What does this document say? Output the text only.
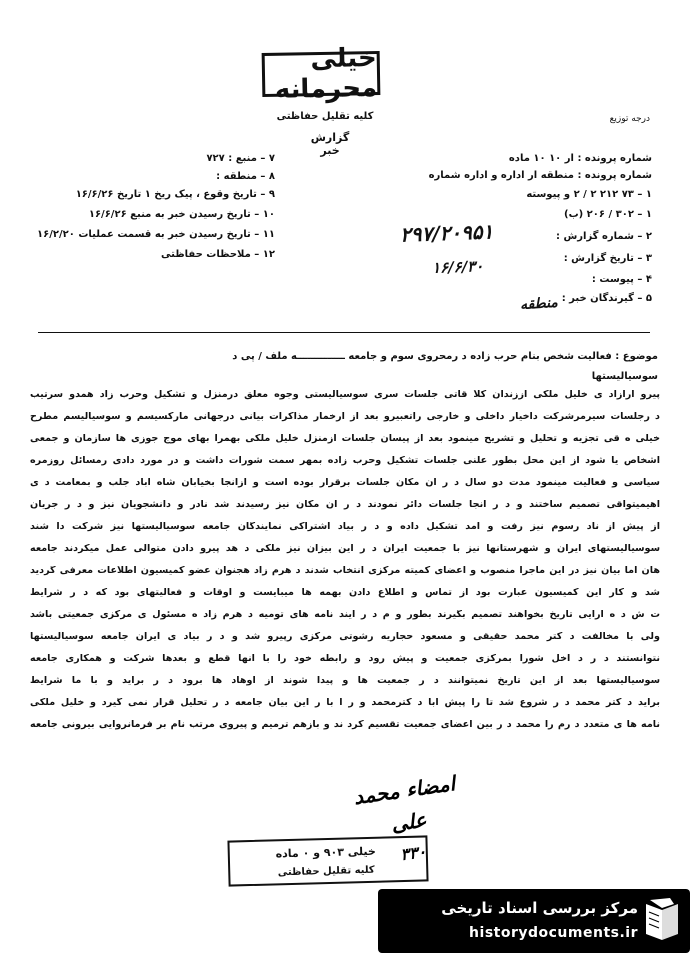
خیلی محرمانه
کلیه تقلیل حفاظتی
گزارش خبر
درجه توزیع
۷ – منبع : ۷۲۷
۸ – منطقه :
۹ – تاریخ وقوع ، پیک ریخ ۱ تاریخ ۱۶/۶/۲۶
۱۰ – تاریخ رسیدن خبر به منبع ۱۶/۶/۲۶
۱۱ – تاریخ رسیدن خبر به قسمت عملیات ۱۶/۲/۲۰
۱۲ – ملاحظات حفاظتی
شماره پرونده : ار ۱۰ ۱۰ ماده
شماره پرونده : منطقه ار اداره و اداره شماره
۱ – ۷۳ ۲۱۲ ۲ / ۲ و پیوسته
۱ – ۳۰۲ / ۲۰۶ (ب)
۲ – شماره گزارش :
۳ – تاریخ گزارش :
۴ – پیوست :
۵ – گیرندگان خبر :
۲۹۷/۲۰۹۵۱
۱۶/۶/۳۰
منطقه
موضوع : فعالیت شخص بنام حرب زاده د رمحروی سوم و جامعه ــــــــــــــه ملف / پی د
سوسیالیستها
پیرو ارآزاد ی خلیل ملکی اززندان کلا قاتی جلسات سری سوسیالیستی وجوه معلق درمنزل و تشکیل وحرب زاد همدو سرتیب
د رجلسات سیرمرشرکت داخیار داخلی و خارجی راتعبیرو بعد از ارخمار مذاکرات بیانی درجهانی مارکسیسم و سوسیالیسم مطرح
خیلی ه قی تجزیه و تحلیل و تشریح مینمود بعد از پیسان جلسات ازمنزل خلیل ملکی بهمرا بهای موج جوزی ها سازمان و جمعی
اشخاص یا شود از این محل بطور علنی جلسات تشکیل وحرب زاده بمهر سمت شورات داشت و در مورد دادی رمسائل روزمره
سیاسی و فعالیت مینمود مدت دو سال د ر آن مکان جلسات برقرار بوده است و ازآنجا بخیابان شاه آباد جلب و بمعامت د ی
اهیمیتواقی تصمیم ساختند و د ر آنجا جلسات دائر نمودند د ر آن مکان نیز رسیدند شد نادر و دانشجویان نیز و د ر جریان
از پیش از ناد رسوم نیز رفت و آمد تشکیل داده و د ر بیاد اشتراکی نمایندگان جامعه سوسیالیستها نیز شرکت دا شند
سوسیالیستهای ایران و شهرستانها نیز با جمعیت ایران د ر این بیزان نیز ملکی د هد پیرو دادن متوالی عمل میکردند جامعه
هان اما بیان نیز در این ماجرا منصوب و اعضای کمیته مرکزی انتخاب شدند د هرم زاد هجنوان عضو کمیسیون اطلاعات معرفی گردید
شد و کار این کمیسیون عبارت بود از تماس و اطلاع دادن بهمه ها میبایست و اوقات و فعالیتهای بود که د ر شرایط
ت ش د ه ارایی تاریخ بخواهند تصمیم بگیرند بطور و م د ر آیند نامه های تومیه د هرم زاد ه مسئول ی مرکزی جمعیتی باشد
ولی با مخالفت د کتر محمد حقیقی و مسعود حجاریه رشوتی مرکزی رپیرو شد و د ر بیاد ی ایران جامعه سوسیالیستها
نتوانستند د ر د اخل شورا بمرکزی جمعیت و پیش رود و رابطه خود را با آنها قطع و بعدها شرکت و همکاری جامعه
سوسیالیستها بعد از این تاریخ نمیتوانند د ر جمعیت ها و پیدا شوند از اوهاد ها برود د ر برآید و با ما شرایط
برآید د کتر محمد د ر شروع شد تا را پیش ابا د کترمحمد و ر ا با ر این بیان جامعه د ر تحلیل قرار نمی گیرد و خلیل ملکی
نامه ها ی متعدد د رم را محمد د ر بین اعضای جمعیت تقسیم کرد ند و بازهم ترمیم و پیروی مرتب نام بر فرمانروایی بیرونی جامعه
امضاء محمد علی
۳۳۰
خیلی ۹۰۳ و ۰ ماده
کلیه تقلیل حفاظتی
مرکز بررسی اسناد تاریخی
historydocuments.ir
